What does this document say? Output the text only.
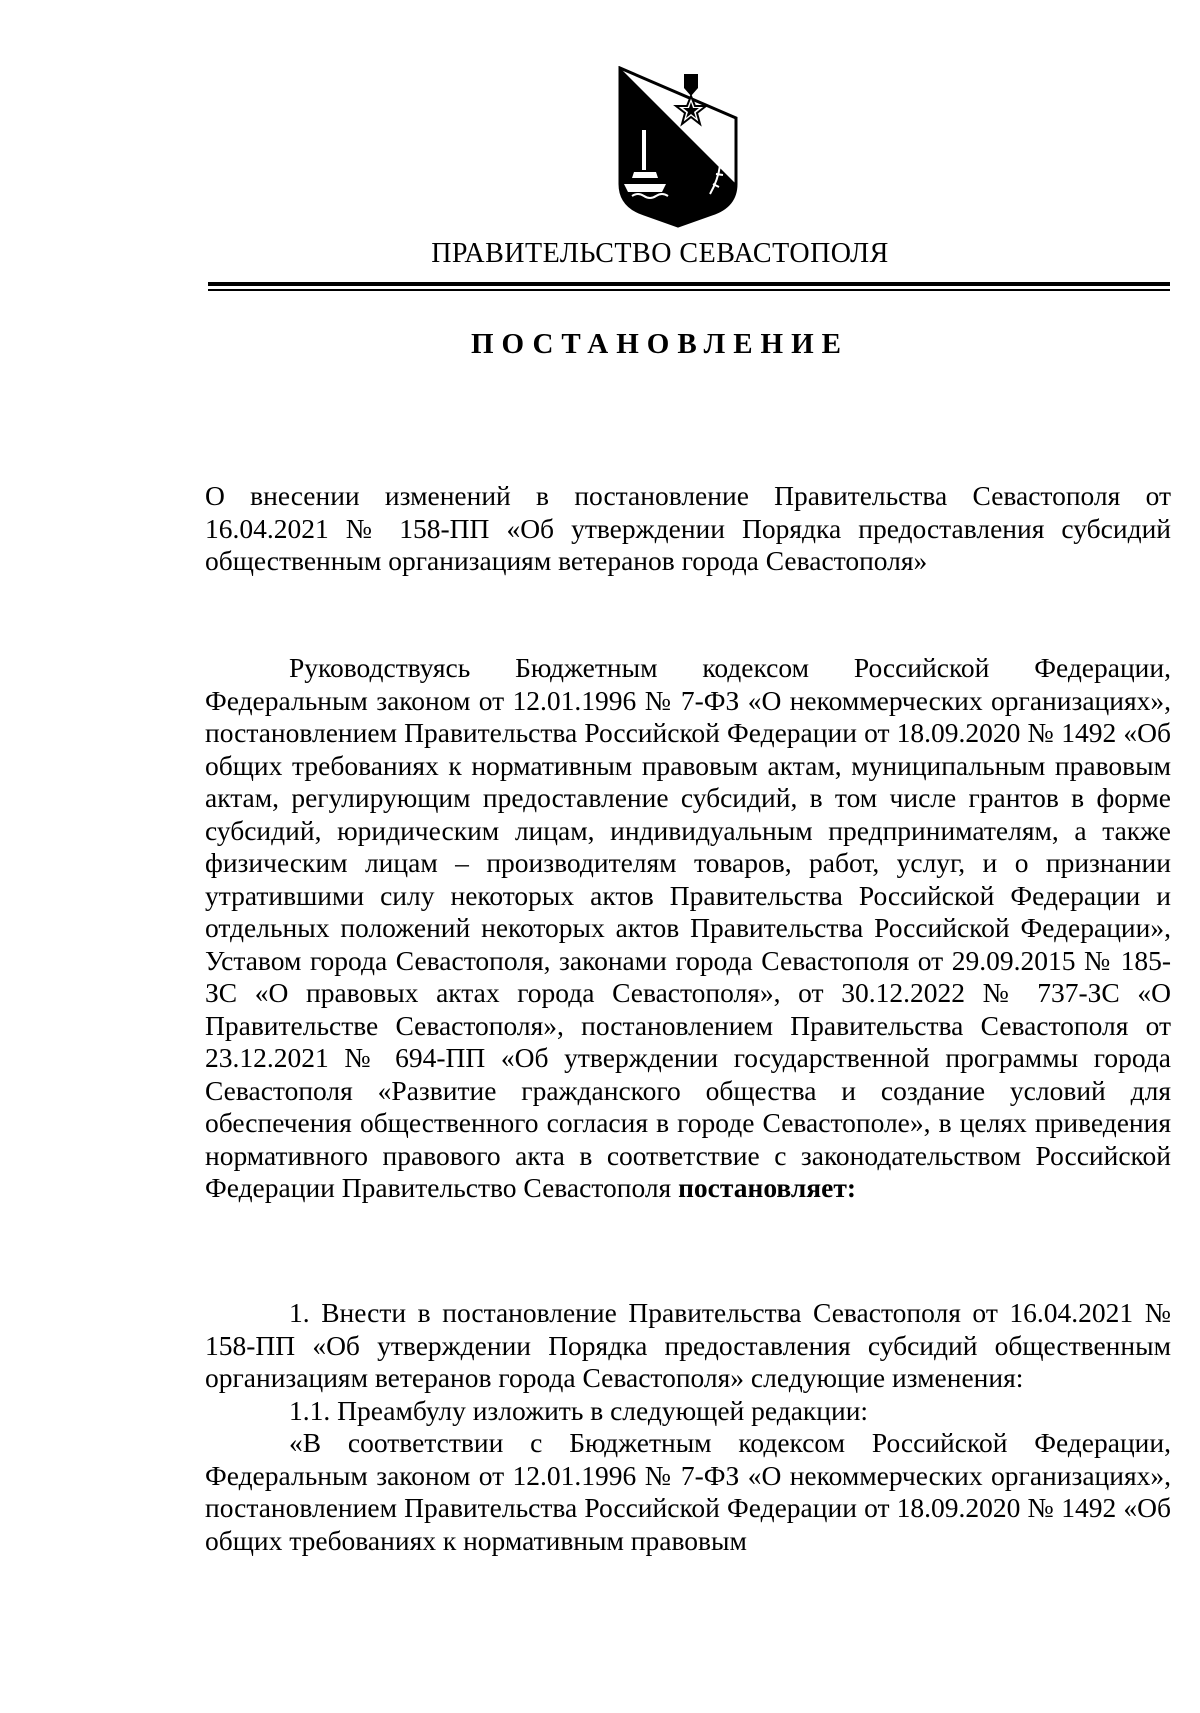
ПРАВИТЕЛЬСТВО СЕВАСТОПОЛЯ
ПОСТАНОВЛЕНИЕ
О внесении изменений в постановление Правительства Севастополя от 16.04.2021 № 158-ПП «Об утверждении Порядка предоставления субсидий общественным организациям ветеранов города Севастополя»

Руководствуясь Бюджетным кодексом Российской Федерации, Федеральным законом от 12.01.1996 № 7-ФЗ «О некоммерческих организациях», постановлением Правительства Российской Федерации от 18.09.2020 № 1492 «Об общих требованиях к нормативным правовым актам, муниципальным правовым актам, регулирующим предоставление субсидий, в том числе грантов в форме субсидий, юридическим лицам, индивидуальным предпринимателям, а также физическим лицам – производителям товаров, работ, услуг, и о признании утратившими силу некоторых актов Правительства Российской Федерации и отдельных положений некоторых актов Правительства Российской Федерации», Уставом города Севастополя, законами города Севастополя от 29.09.2015 № 185-ЗС «О правовых актах города Севастополя», от 30.12.2022 № 737-ЗС «О Правительстве Севастополя», постановлением Правительства Севастополя от 23.12.2021 № 694-ПП «Об утверждении государственной программы города Севастополя «Развитие гражданского общества и создание условий для обеспечения общественного согласия в городе Севастополе», в целях приведения нормативного правового акта в соответствие с законодательством Российской Федерации Правительство Севастополя постановляет:

1. Внести в постановление Правительства Севастополя от 16.04.2021 № 158-ПП «Об утверждении Порядка предоставления субсидий общественным организациям ветеранов города Севастополя» следующие изменения:

1.1. Преамбулу изложить в следующей редакции:

«В соответствии с Бюджетным кодексом Российской Федерации, Федеральным законом от 12.01.1996 № 7-ФЗ «О некоммерческих организациях», постановлением Правительства Российской Федерации от 18.09.2020 № 1492 «Об общих требованиях к нормативным правовым
